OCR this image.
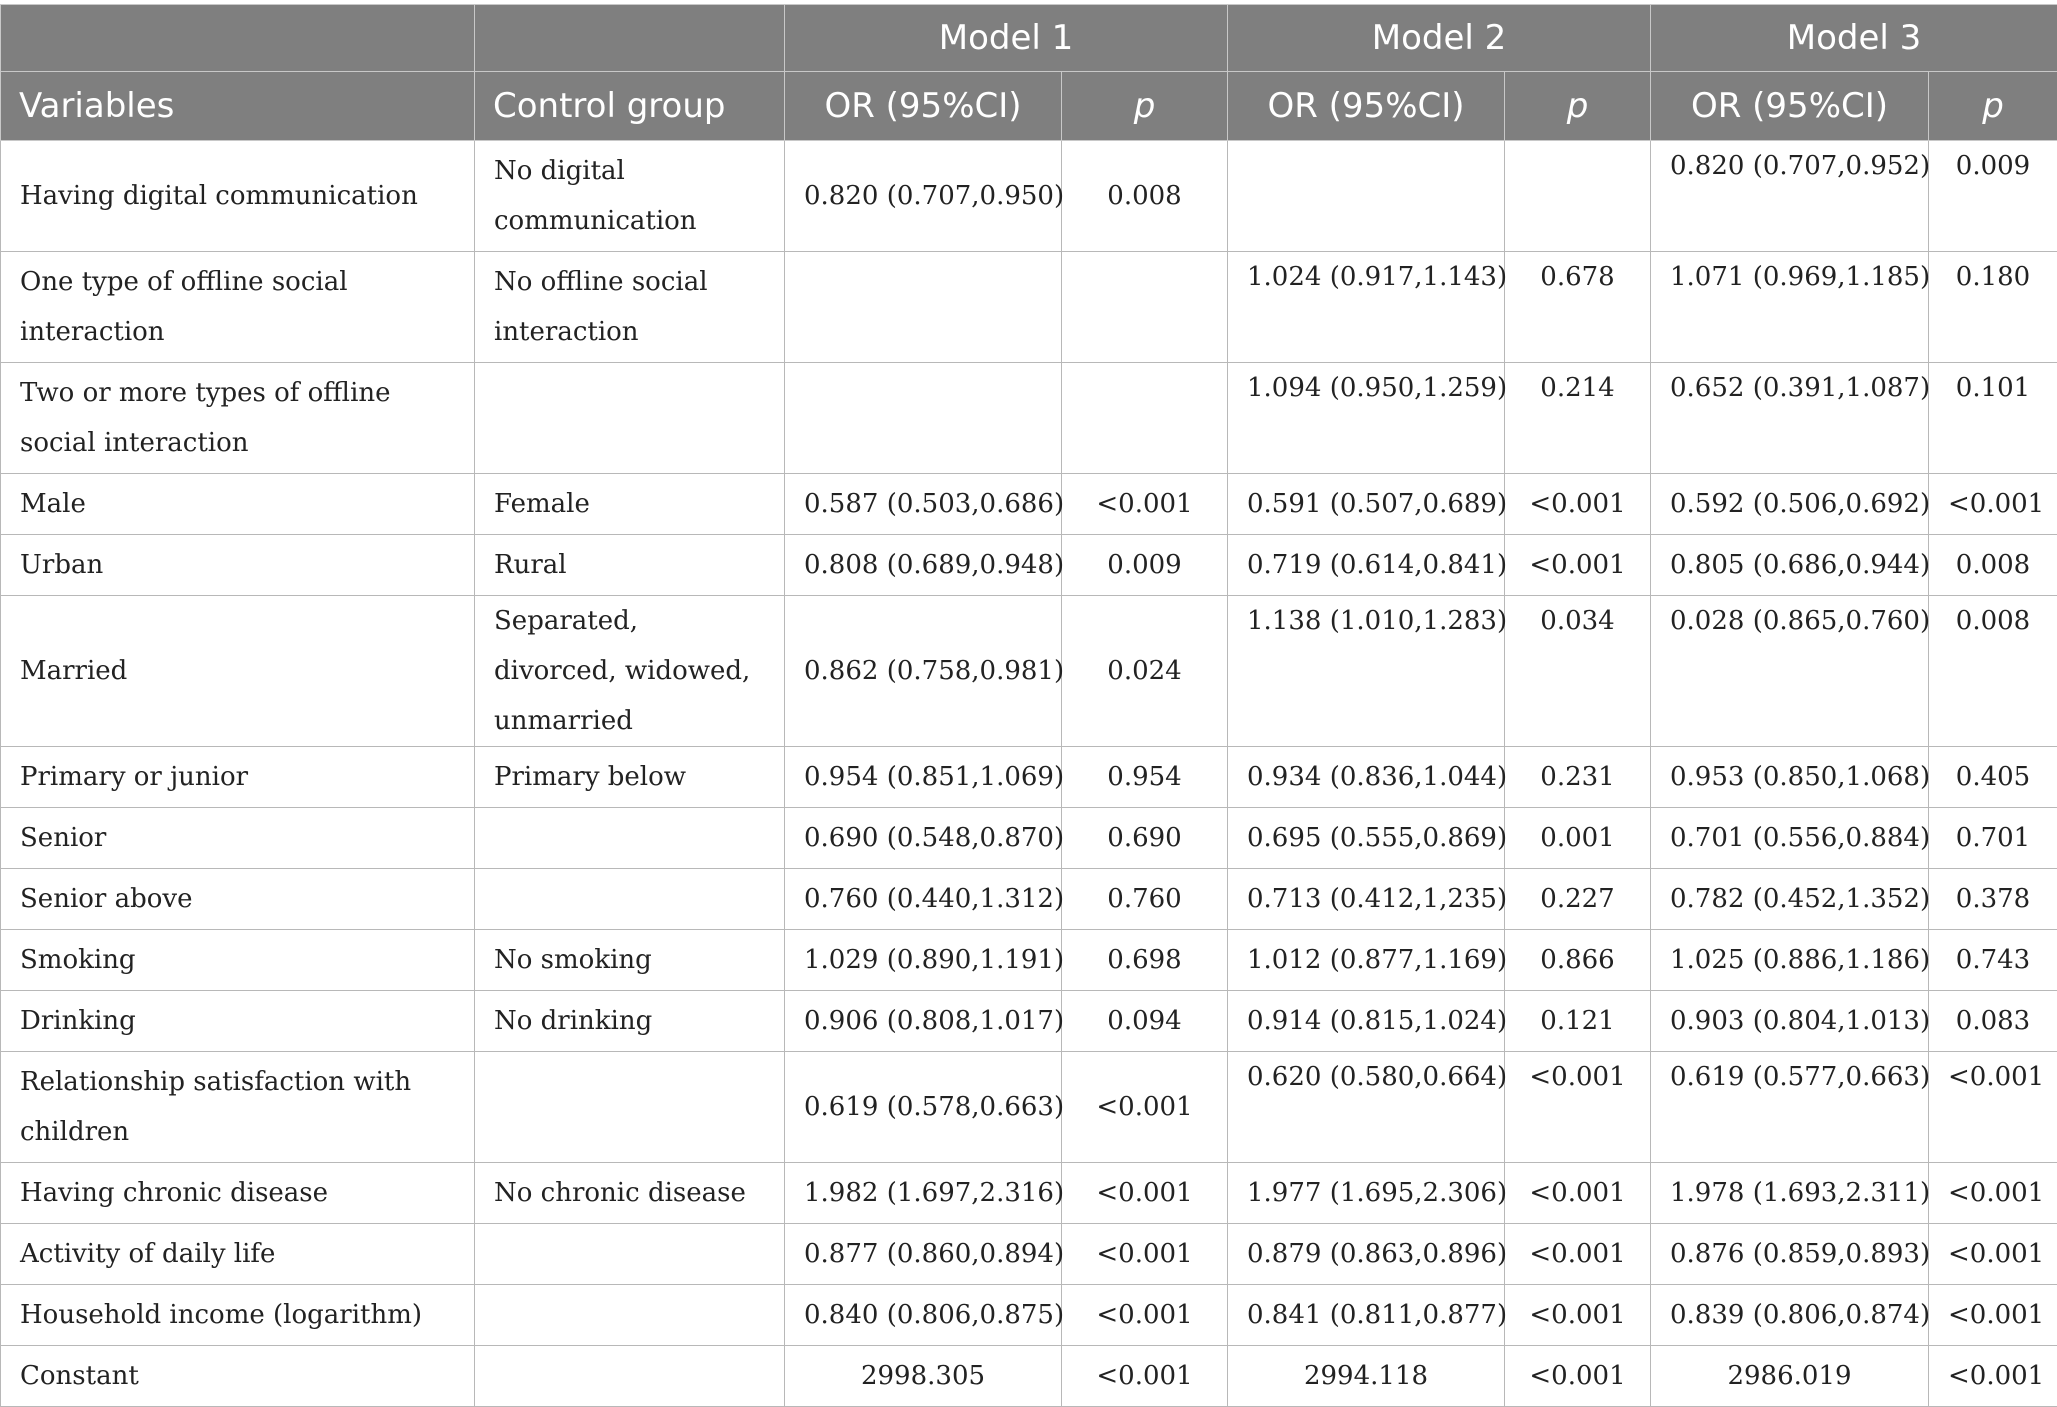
		Model 1		Model 2		Model 3	
Variables	Control group	OR (95%CI)	p	OR (95%CI)	p	OR (95%CI)	p
Having digital communication	No digital communication	0.820 (0.707,0.950)	0.008			0.820 (0.707,0.952)	0.009
One type of offline social interaction	No offline social interaction			1.024 (0.917,1.143)	0.678	1.071 (0.969,1.185)	0.180
Two or more types of offline social interaction				1.094 (0.950,1.259)	0.214	0.652 (0.391,1.087)	0.101
Male	Female	0.587 (0.503,0.686)	<0.001	0.591 (0.507,0.689)	<0.001	0.592 (0.506,0.692)	<0.001
Urban	Rural	0.808 (0.689,0.948)	0.009	0.719 (0.614,0.841)	<0.001	0.805 (0.686,0.944)	0.008
Married	Separated, divorced, widowed, unmarried	0.862 (0.758,0.981)	0.024	1.138 (1.010,1.283)	0.034	0.028 (0.865,0.760)	0.008
Primary or junior	Primary below	0.954 (0.851,1.069)	0.954	0.934 (0.836,1.044)	0.231	0.953 (0.850,1.068)	0.405
Senior		0.690 (0.548,0.870)	0.690	0.695 (0.555,0.869)	0.001	0.701 (0.556,0.884)	0.701
Senior above		0.760 (0.440,1.312)	0.760	0.713 (0.412,1,235)	0.227	0.782 (0.452,1.352)	0.378
Smoking	No smoking	1.029 (0.890,1.191)	0.698	1.012 (0.877,1.169)	0.866	1.025 (0.886,1.186)	0.743
Drinking	No drinking	0.906 (0.808,1.017)	0.094	0.914 (0.815,1.024)	0.121	0.903 (0.804,1.013)	0.083
Relationship satisfaction with children		0.619 (0.578,0.663)	<0.001	0.620 (0.580,0.664)	<0.001	0.619 (0.577,0.663)	<0.001
Having chronic disease	No chronic disease	1.982 (1.697,2.316)	<0.001	1.977 (1.695,2.306)	<0.001	1.978 (1.693,2.311)	<0.001
Activity of daily life		0.877 (0.860,0.894)	<0.001	0.879 (0.863,0.896)	<0.001	0.876 (0.859,0.893)	<0.001
Household income (logarithm)		0.840 (0.806,0.875)	<0.001	0.841 (0.811,0.877)	<0.001	0.839 (0.806,0.874)	<0.001
Constant		2998.305	<0.001	2994.118	<0.001	2986.019	<0.001
